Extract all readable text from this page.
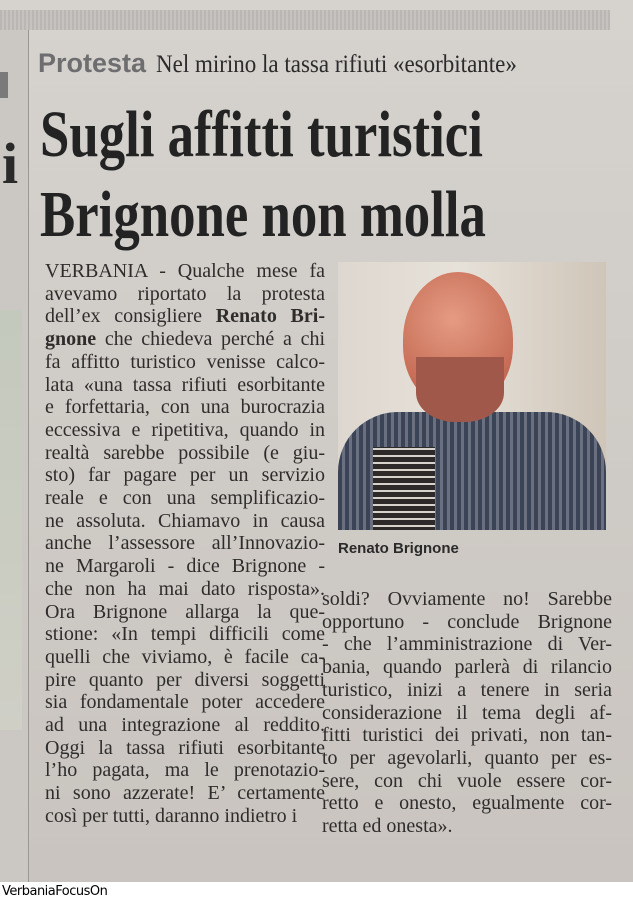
i
Protesta Nel mirino la tassa rifiuti «esorbitante»
Sugli affitti turistici
Brignone non molla
VERBANIA - Qualche mese fa
avevamo riportato la protesta
dell’ex consigliere Renato Bri-
gnone che chiedeva perché a chi
fa affitto turistico venisse calco-
lata «una tassa rifiuti esorbitante
e forfettaria, con una burocrazia
eccessiva e ripetitiva, quando in
realtà sarebbe possibile (e giu-
sto) far pagare per un servizio
reale e con una semplificazio-
ne assoluta. Chiamavo in causa
anche l’assessore all’Innovazio-
ne Margaroli - dice Brignone -
che non ha mai dato risposta».
Ora Brignone allarga la que-
stione: «In tempi difficili come
quelli che viviamo, è facile ca-
pire quanto per diversi soggetti
sia fondamentale poter accedere
ad una integrazione al reddito.
Oggi la tassa rifiuti esorbitante
l’ho pagata, ma le prenotazio-
ni sono azzerate! E’ certamente
così per tutti, daranno indietro i
soldi? Ovviamente no! Sarebbe
opportuno - conclude Brignone
- che l’amministrazione di Ver-
bania, quando parlerà di rilancio
turistico, inizi a tenere in seria
considerazione il tema degli af-
fitti turistici dei privati, non tan-
to per agevolarli, quanto per es-
sere, con chi vuole essere cor-
retto e onesto, egualmente cor-
retta ed onesta».
Renato Brignone
VerbaniaFocusOn
